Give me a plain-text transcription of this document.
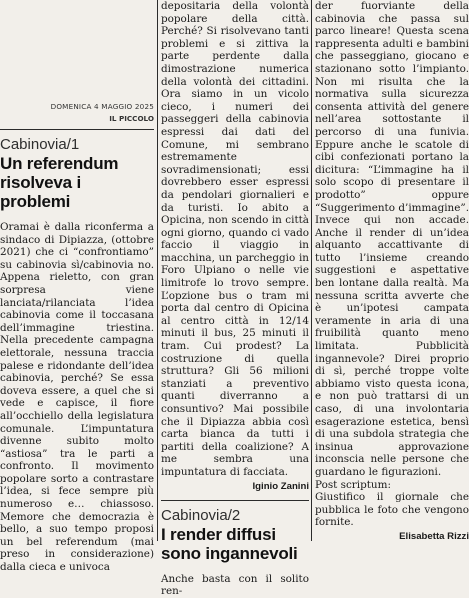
DOMENICA 4 MAGGIO 2025
IL PICCOLO
Cabinovia/1
Un referendum risolveva i problemi

Oramai è dalla riconferma a sindaco di Dipiazza, (ottobre 2021) che ci “confrontiamo” su cabinovia sì/cabinovia no. Appena rieletto, con gran sorpresa viene lanciata/rilanciata l’idea cabinovia come il toccasana dell’immagine triestina. Nella precedente campagna elettorale, nessuna traccia palese e ridondante dell’idea cabinovia, perché? Se essa doveva essere, a quel che si vede e capisce, il fiore all’occhiello della legislatura comunale. L’impuntatura divenne subito molto “astiosa” tra le parti a confronto. Il movimento popolare sorto a contrastare l’idea, si fece sempre più numeroso e… chiassoso. Memore che democrazia è bello, a suo tempo proposi un bel referendum (mai preso in considerazione) dalla cieca e univoca

depositaria della volontà popolare della città. Perché? Si risolvevano tanti problemi e si zittiva la parte perdente dalla dimostrazione numerica della volontà dei cittadini. Ora siamo in un vicolo cieco, i numeri dei passeggeri della cabinovia espressi dai dati del Comune, mi sembrano estremamente sovradimensionati; essi dovrebbero esser espressi da pendolari giornalieri e da turisti. Io abito a Opicina, non scendo in città ogni giorno, quando ci vado faccio il viaggio in macchina, un parcheggio in Foro Ulpiano o nelle vie limitrofe lo trovo sempre. L’opzione bus o tram mi porta dal centro di Opicina al centro città in 12/14 minuti il bus, 25 minuti il tram. Cui prodest? La costruzione di quella struttura? Gli 56 milioni stanziati a preventivo quanti diverranno a consuntivo? Mai possibile che il Dipiazza abbia così carta bianca da tutti i partiti della coalizione? A me sembra una impuntatura di facciata.

Iginio Zanini
Cabinovia/2
I render diffusi sono ingannevoli

Anche basta con il solito ren-

der fuorviante della cabinovia che passa sul parco lineare! Questa scena rappresenta adulti e bambini che passeggiano, giocano e stazionano sotto l’impianto. Non mi risulta che la normativa sulla sicurezza consenta attività del genere nell’area sottostante il percorso di una funivia. Eppure anche le scatole di cibi confezionati portano la dicitura: “L’immagine ha il solo scopo di presentare il prodotto” oppure “Suggerimento d’immagine”. Invece qui non accade. Anche il render di un’idea alquanto accattivante di tutto l’insieme creando suggestioni e aspettative ben lontane dalla realtà. Ma nessuna scritta avverte che è un’ipotesi campata veramente in aria di una fruibilità quanto meno limitata. Pubblicità ingannevole? Direi proprio di sì, perché troppe volte abbiamo visto questa icona, e non può trattarsi di un caso, di una involontaria esagerazione estetica, bensì di una subdola strategia che insinua approvazione inconscia nelle persone che guardano le figurazioni.

Post scriptum:

Giustifico il giornale che pubblica le foto che vengono fornite.

Elisabetta Rizzi
